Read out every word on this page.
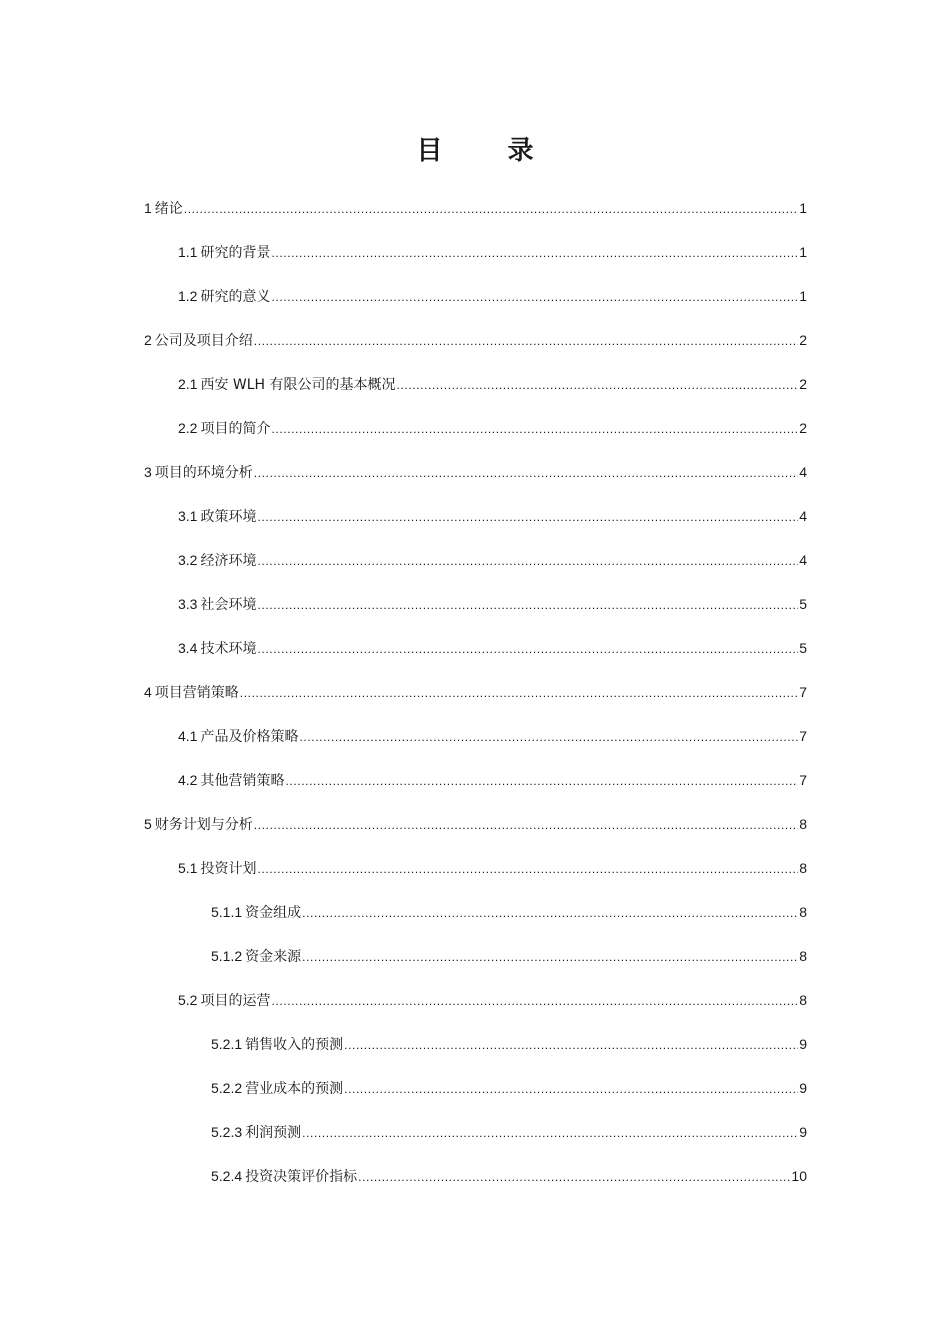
目 录
1 绪论 .....	1
1.1 研究的背景 .....	1
1.2 研究的意义 .....	1
2 公司及项目介绍 .....	2
2.1 西安 WLH 有限公司的基本概况 .....	2
2.2 项目的简介 .....	2
3 项目的环境分析 .....	4
3.1 政策环境 .....	4
3.2 经济环境 .....	4
3.3 社会环境 .....	5
3.4 技术环境 .....	5
4 项目营销策略 .....	7
4.1 产品及价格策略 .....	7
4.2 其他营销策略 .....	7
5 财务计划与分析 .....	8
5.1 投资计划 .....	8
5.1.1 资金组成 .....	8
5.1.2 资金来源 .....	8
5.2 项目的运营 .....	8
5.2.1 销售收入的预测 .....	9
5.2.2 营业成本的预测 .....	9
5.2.3 利润预测 .....	9
5.2.4 投资决策评价指标 .....	10
